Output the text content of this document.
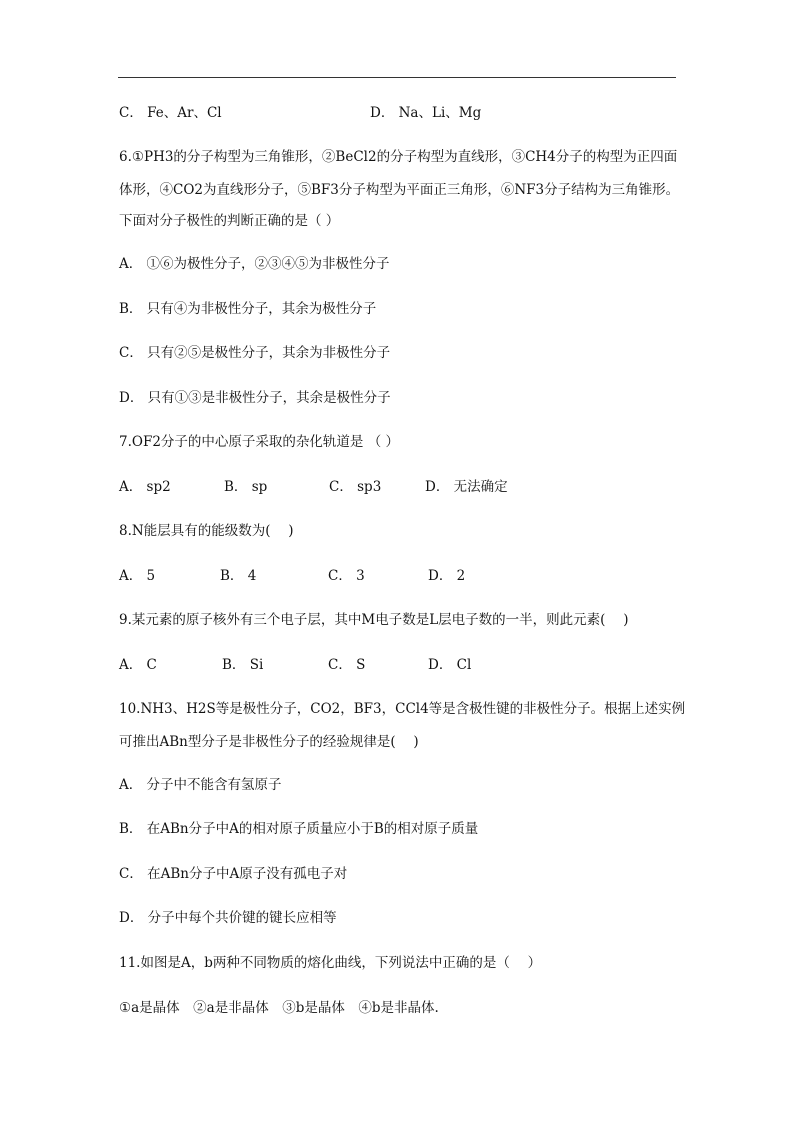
C． Fe、Ar、Cl	D． Na、Li、Mg
6.①PH3的分子构型为三角锥形，②BeCl2的分子构型为直线形，③CH4分子的构型为正四面
体形，④CO2为直线形分子，⑤BF3分子构型为平面正三角形，⑥NF3分子结构为三角锥形。
下面对分子极性的判断正确的是（ ）
A． ①⑥为极性分子，②③④⑤为非极性分子
B． 只有④为非极性分子，其余为极性分子
C． 只有②⑤是极性分子，其余为非极性分子
D． 只有①③是非极性分子，其余是极性分子
7.OF2分子的中心原子采取的杂化轨道是 （ ）
A． sp2	B． sp	C． sp3	D． 无法确定
8.N能层具有的能级数为(　 )
A． 5	B． 4	C． 3	D． 2
9.某元素的原子核外有三个电子层，其中M电子数是L层电子数的一半，则此元素(　 )
A． C	B． Si	C． S	D． Cl
10.NH3、H2S等是极性分子，CO2，BF3，CCl4等是含极性键的非极性分子。根据上述实例
可推出ABn型分子是非极性分子的经验规律是(　 )
A． 分子中不能含有氢原子
B． 在ABn分子中A的相对原子质量应小于B的相对原子质量
C． 在ABn分子中A原子没有孤电子对
D． 分子中每个共价键的键长应相等
11.如图是A，b两种不同物质的熔化曲线，下列说法中正确的是（　 ）
①a是晶体　②a是非晶体　③b是晶体　④b是非晶体.
